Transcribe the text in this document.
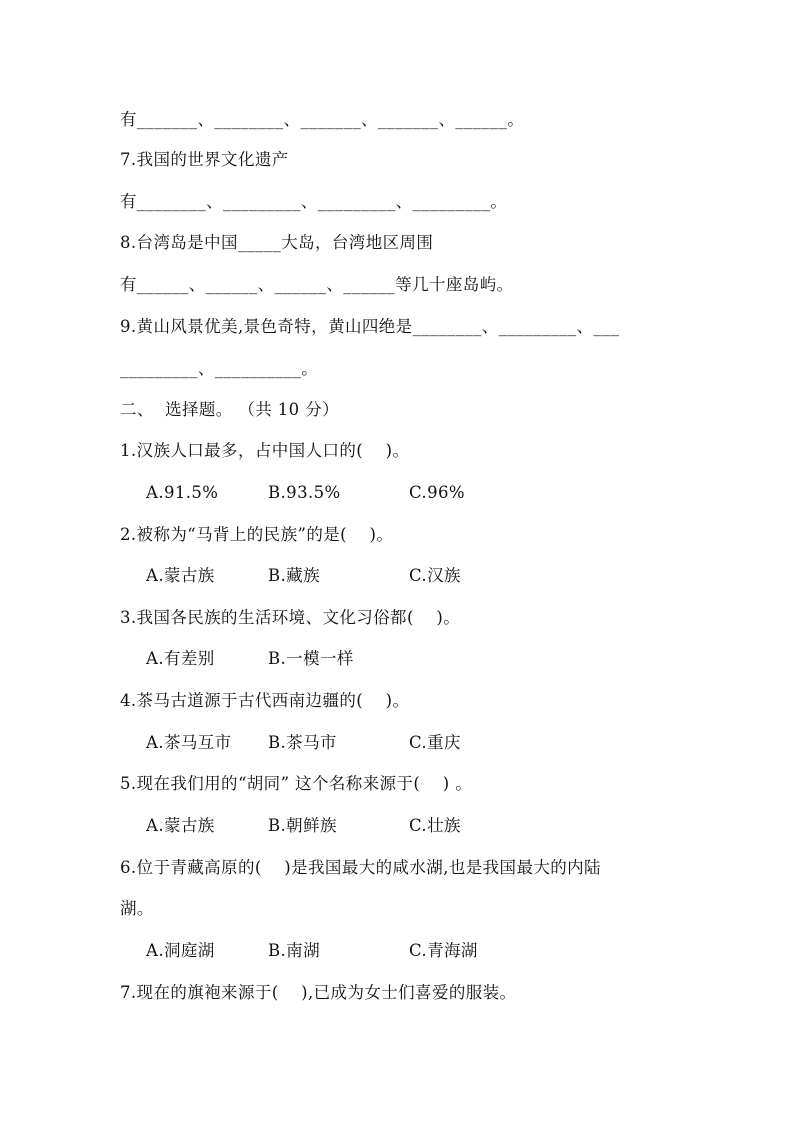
有_______、________、_______、_______、______。
7.我国的世界文化遗产
有________、_________、_________、_________。
8.台湾岛是中国_____大岛，台湾地区周围
有______、______、______、______等几十座岛屿。
9.黄山风景优美,景色奇特，黄山四绝是________、_________、___
_________、__________。
二、  选择题。 （共 10 分）
1.汉族人口最多，占中国人口的(    )。
A.91.5%	B.93.5%	C.96%
2.被称为“马背上的民族”的是(    )。
A.蒙古族	B.藏族	C.汉族
3.我国各民族的生活环境、文化习俗都(    )。
A.有差别	B.一模一样
4.茶马古道源于古代西南边疆的(    )。
A.茶马互市 B.茶马市	C.重庆
5.现在我们用的“胡同” 这个名称来源于(    ) 。
A.蒙古族	B.朝鲜族	C.壮族
6.位于青藏高原的(    )是我国最大的咸水湖,也是我国最大的内陆
湖。
A.洞庭湖	B.南湖	C.青海湖
7.现在的旗袍来源于(    ),已成为女士们喜爱的服装。
